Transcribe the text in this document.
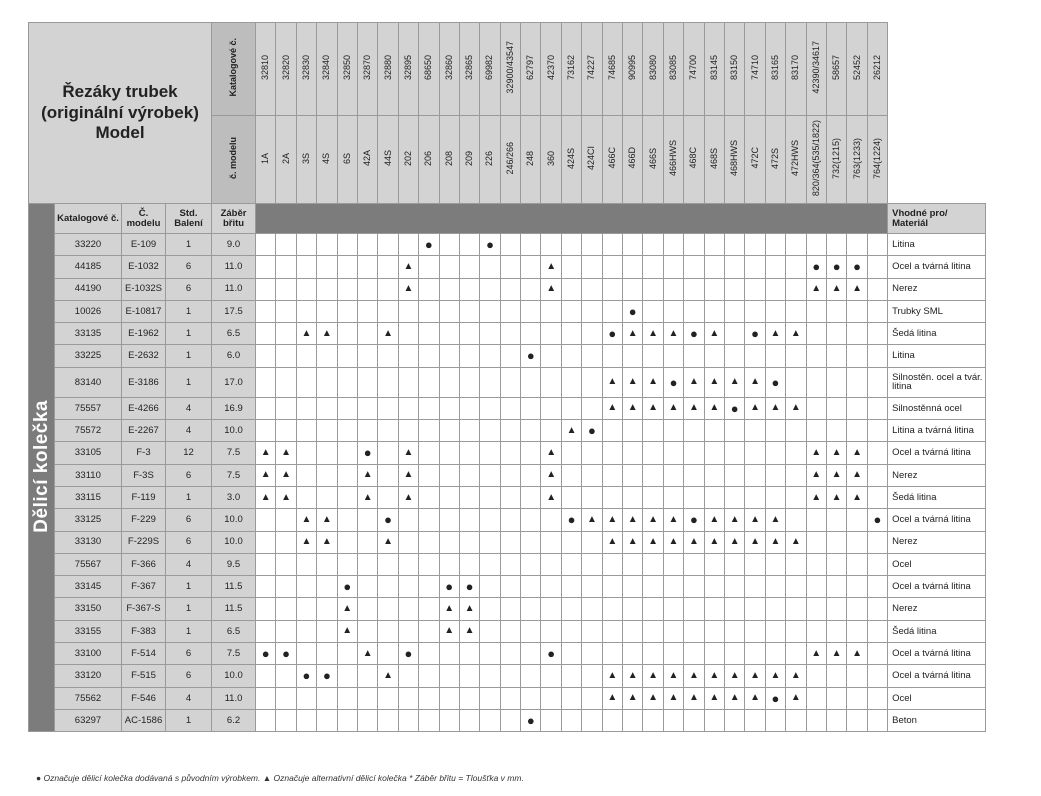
Řezáky trubek
(originální výrobek)
Model				Katalogové č.	32810	32820	32830	32840	32850	32870	32880	32895	68650	32860	32865	69982	32900/43547	62797	42370	73162	74227	74685	90995	83080	83085	74700	83145	83150	74710	83165	83170	42390/34617	58657	52452	26212	
				č. modelu	1A	2A	3S	4S	6S	42A	44S	202	206	208	209	226	246/266	248	360	424S	424CI	466C	466D	466S	466HWS	468C	468S	468HWS	472C	472S	472HWS	820/364(535/1822)	732(1215)	763(1233)	764(1224)	
Dělicí kolečka	Katalogové č.	Č. modelu	Std. Balení	Záběr břitu																																Vhodné pro/ Materiál
	33220	E-109	1	9.0									●			●																				Litina
	44185	E-1032	6	11.0								▲							▲													●	●	●		Ocel a tvárná litina
	44190	E-1032S	6	11.0								▲							▲													▲	▲	▲		Nerez
	10026	E-10817	1	17.5																			●													Trubky SML
	33135	E-1962	1	6.5			▲	▲			▲											●	▲	▲	▲	●	▲		●	▲	▲					Šedá litina
	33225	E-2632	1	6.0														●																		Litina
	83140	E-3186	1	17.0																		▲	▲	▲	●	▲	▲	▲	▲	●						Silnostěn. ocel a tvár. litina
	75557	E-4266	4	16.9																		▲	▲	▲	▲	▲	▲	●	▲	▲	▲					Silnostěnná ocel
	75572	E-2267	4	10.0																▲	●															Litina a tvárná litina
	33105	F-3	12	7.5	▲	▲				●		▲							▲													▲	▲	▲		Ocel a tvárná litina
	33110	F-3S	6	7.5	▲	▲				▲		▲							▲													▲	▲	▲		Nerez
	33115	F-119	1	3.0	▲	▲				▲		▲							▲													▲	▲	▲		Šedá litina
	33125	F-229	6	10.0			▲	▲			●									●	▲	▲	▲	▲	▲	●	▲	▲	▲	▲					●	Ocel a tvárná litina
	33130	F-229S	6	10.0			▲	▲			▲											▲	▲	▲	▲	▲	▲	▲	▲	▲	▲					Nerez
	75567	F-366	4	9.5																																Ocel
	33145	F-367	1	11.5					●					●	●																					Ocel a tvárná litina
	33150	F-367-S	1	11.5					▲					▲	▲																					Nerez
	33155	F-383	1	6.5					▲					▲	▲																					Šedá litina
	33100	F-514	6	7.5	●	●				▲		●							●													▲	▲	▲		Ocel a tvárná litina
	33120	F-515	6	10.0			●	●			▲											▲	▲	▲	▲	▲	▲	▲	▲	▲	▲					Ocel a tvárná litina
	75562	F-546	4	11.0																		▲	▲	▲	▲	▲	▲	▲	▲	●	▲					Ocel
	63297	AC-1586	1	6.2														●																		Beton
● Označuje dělicí kolečka dodávaná s původním výrobkem. ▲ Označuje alternativní dělicí kolečka * Záběr břitu = Tloušťka v mm.
